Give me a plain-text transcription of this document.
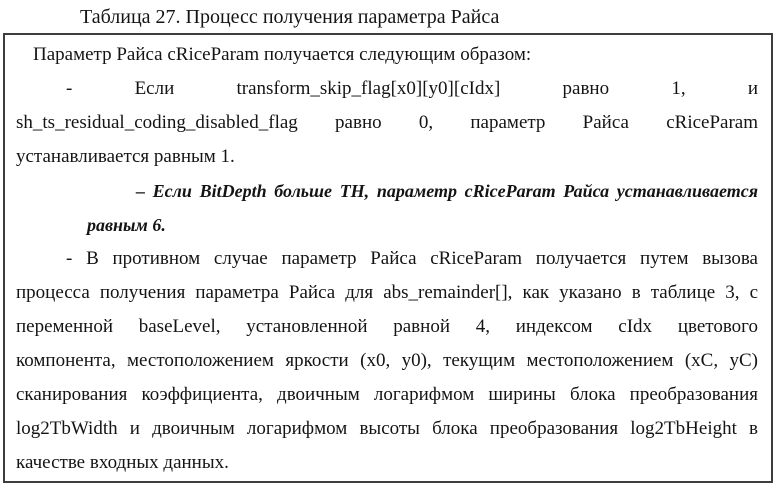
Таблица 27. Процесс получения параметра Райса
Параметр Райса cRiceParam получается следующим образом:
- Если transform_skip_flag[x0][y0][cIdx] равно 1, и
sh_ts_residual_coding_disabled_flag равно 0, параметр Райса cRiceParam
устанавливается равным 1.
– Если BitDepth больше TH, параметр cRiceParam Райса устанавливается
равным 6.
- В противном случае параметр Райса cRiceParam получается путем вызова
процесса получения параметра Райса для abs_remainder[], как указано в таблице 3, с
переменной baseLevel, установленной равной 4, индексом cIdx цветового
компонента, местоположением яркости (x0, y0), текущим местоположением (xC, yC)
сканирования коэффициента, двоичным логарифмом ширины блока преобразования
log2TbWidth и двоичным логарифмом высоты блока преобразования log2TbHeight в
качестве входных данных.
